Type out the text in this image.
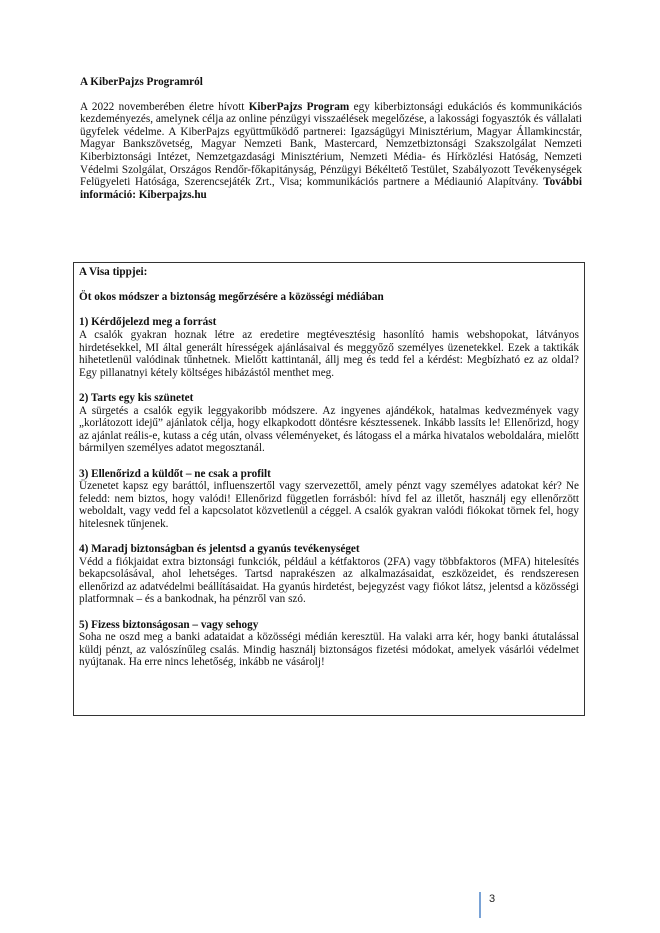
A KiberPajzs Programról

A 2022 novemberében életre hívott KiberPajzs Program egy kiberbiztonsági edukációs és kommunikációs kezdeményezés, amelynek célja az online pénzügyi visszaélések megelőzése, a lakossági fogyasztók és vállalati ügyfelek védelme. A KiberPajzs együttműködő partnerei: Igazságügyi Minisztérium, Magyar Államkincstár, Magyar Bankszövetség, Magyar Nemzeti Bank, Mastercard, Nemzetbiztonsági Szakszolgálat Nemzeti Kiberbiztonsági Intézet, Nemzetgazdasági Minisztérium, Nemzeti Média- és Hírközlési Hatóság, Nemzeti Védelmi Szolgálat, Országos Rendőr-főkapitányság, Pénzügyi Békéltető Testület, Szabályozott Tevékenységek Felügyeleti Hatósága, Szerencsejáték Zrt., Visa; kommunikációs partnere a Médiaunió Alapítvány. További információ: Kiberpajzs.hu

A Visa tippjei:

Öt okos módszer a biztonság megőrzésére a közösségi médiában

1) Kérdőjelezd meg a forrást

A csalók gyakran hoznak létre az eredetire megtévesztésig hasonlító hamis webshopokat, látványos hirdetésekkel, MI által generált hírességek ajánlásaival és meggyőző személyes üzenetekkel. Ezek a taktikák hihetetlenül valódinak tűnhetnek. Mielőtt kattintanál, állj meg és tedd fel a kérdést: Megbízható ez az oldal? Egy pillanatnyi kétely költséges hibázástól menthet meg.

2) Tarts egy kis szünetet

A sürgetés a csalók egyik leggyakoribb módszere. Az ingyenes ajándékok, hatalmas kedvezmények vagy „korlátozott idejű” ajánlatok célja, hogy elkapkodott döntésre késztessenek. Inkább lassíts le! Ellenőrizd, hogy az ajánlat reális-e, kutass a cég után, olvass véleményeket, és látogass el a márka hivatalos weboldalára, mielőtt bármilyen személyes adatot megosztanál.

3) Ellenőrizd a küldőt – ne csak a profilt

Üzenetet kapsz egy baráttól, influenszertől vagy szervezettől, amely pénzt vagy személyes adatokat kér? Ne feledd: nem biztos, hogy valódi! Ellenőrizd független forrásból: hívd fel az illetőt, használj egy ellenőrzött weboldalt, vagy vedd fel a kapcsolatot közvetlenül a céggel. A csalók gyakran valódi fiókokat törnek fel, hogy hitelesnek tűnjenek.

4) Maradj biztonságban és jelentsd a gyanús tevékenységet

Védd a fiókjaidat extra biztonsági funkciók, például a kétfaktoros (2FA) vagy többfaktoros (MFA) hitelesítés bekapcsolásával, ahol lehetséges. Tartsd naprakészen az alkalmazásaidat, eszközeidet, és rendszeresen ellenőrizd az adatvédelmi beállításaidat. Ha gyanús hirdetést, bejegyzést vagy fiókot látsz, jelentsd a közösségi platformnak – és a bankodnak, ha pénzről van szó.

5) Fizess biztonságosan – vagy sehogy

Soha ne oszd meg a banki adataidat a közösségi médián keresztül. Ha valaki arra kér, hogy banki átutalással küldj pénzt, az valószínűleg csalás. Mindig használj biztonságos fizetési módokat, amelyek vásárlói védelmet nyújtanak. Ha erre nincs lehetőség, inkább ne vásárolj!

3
